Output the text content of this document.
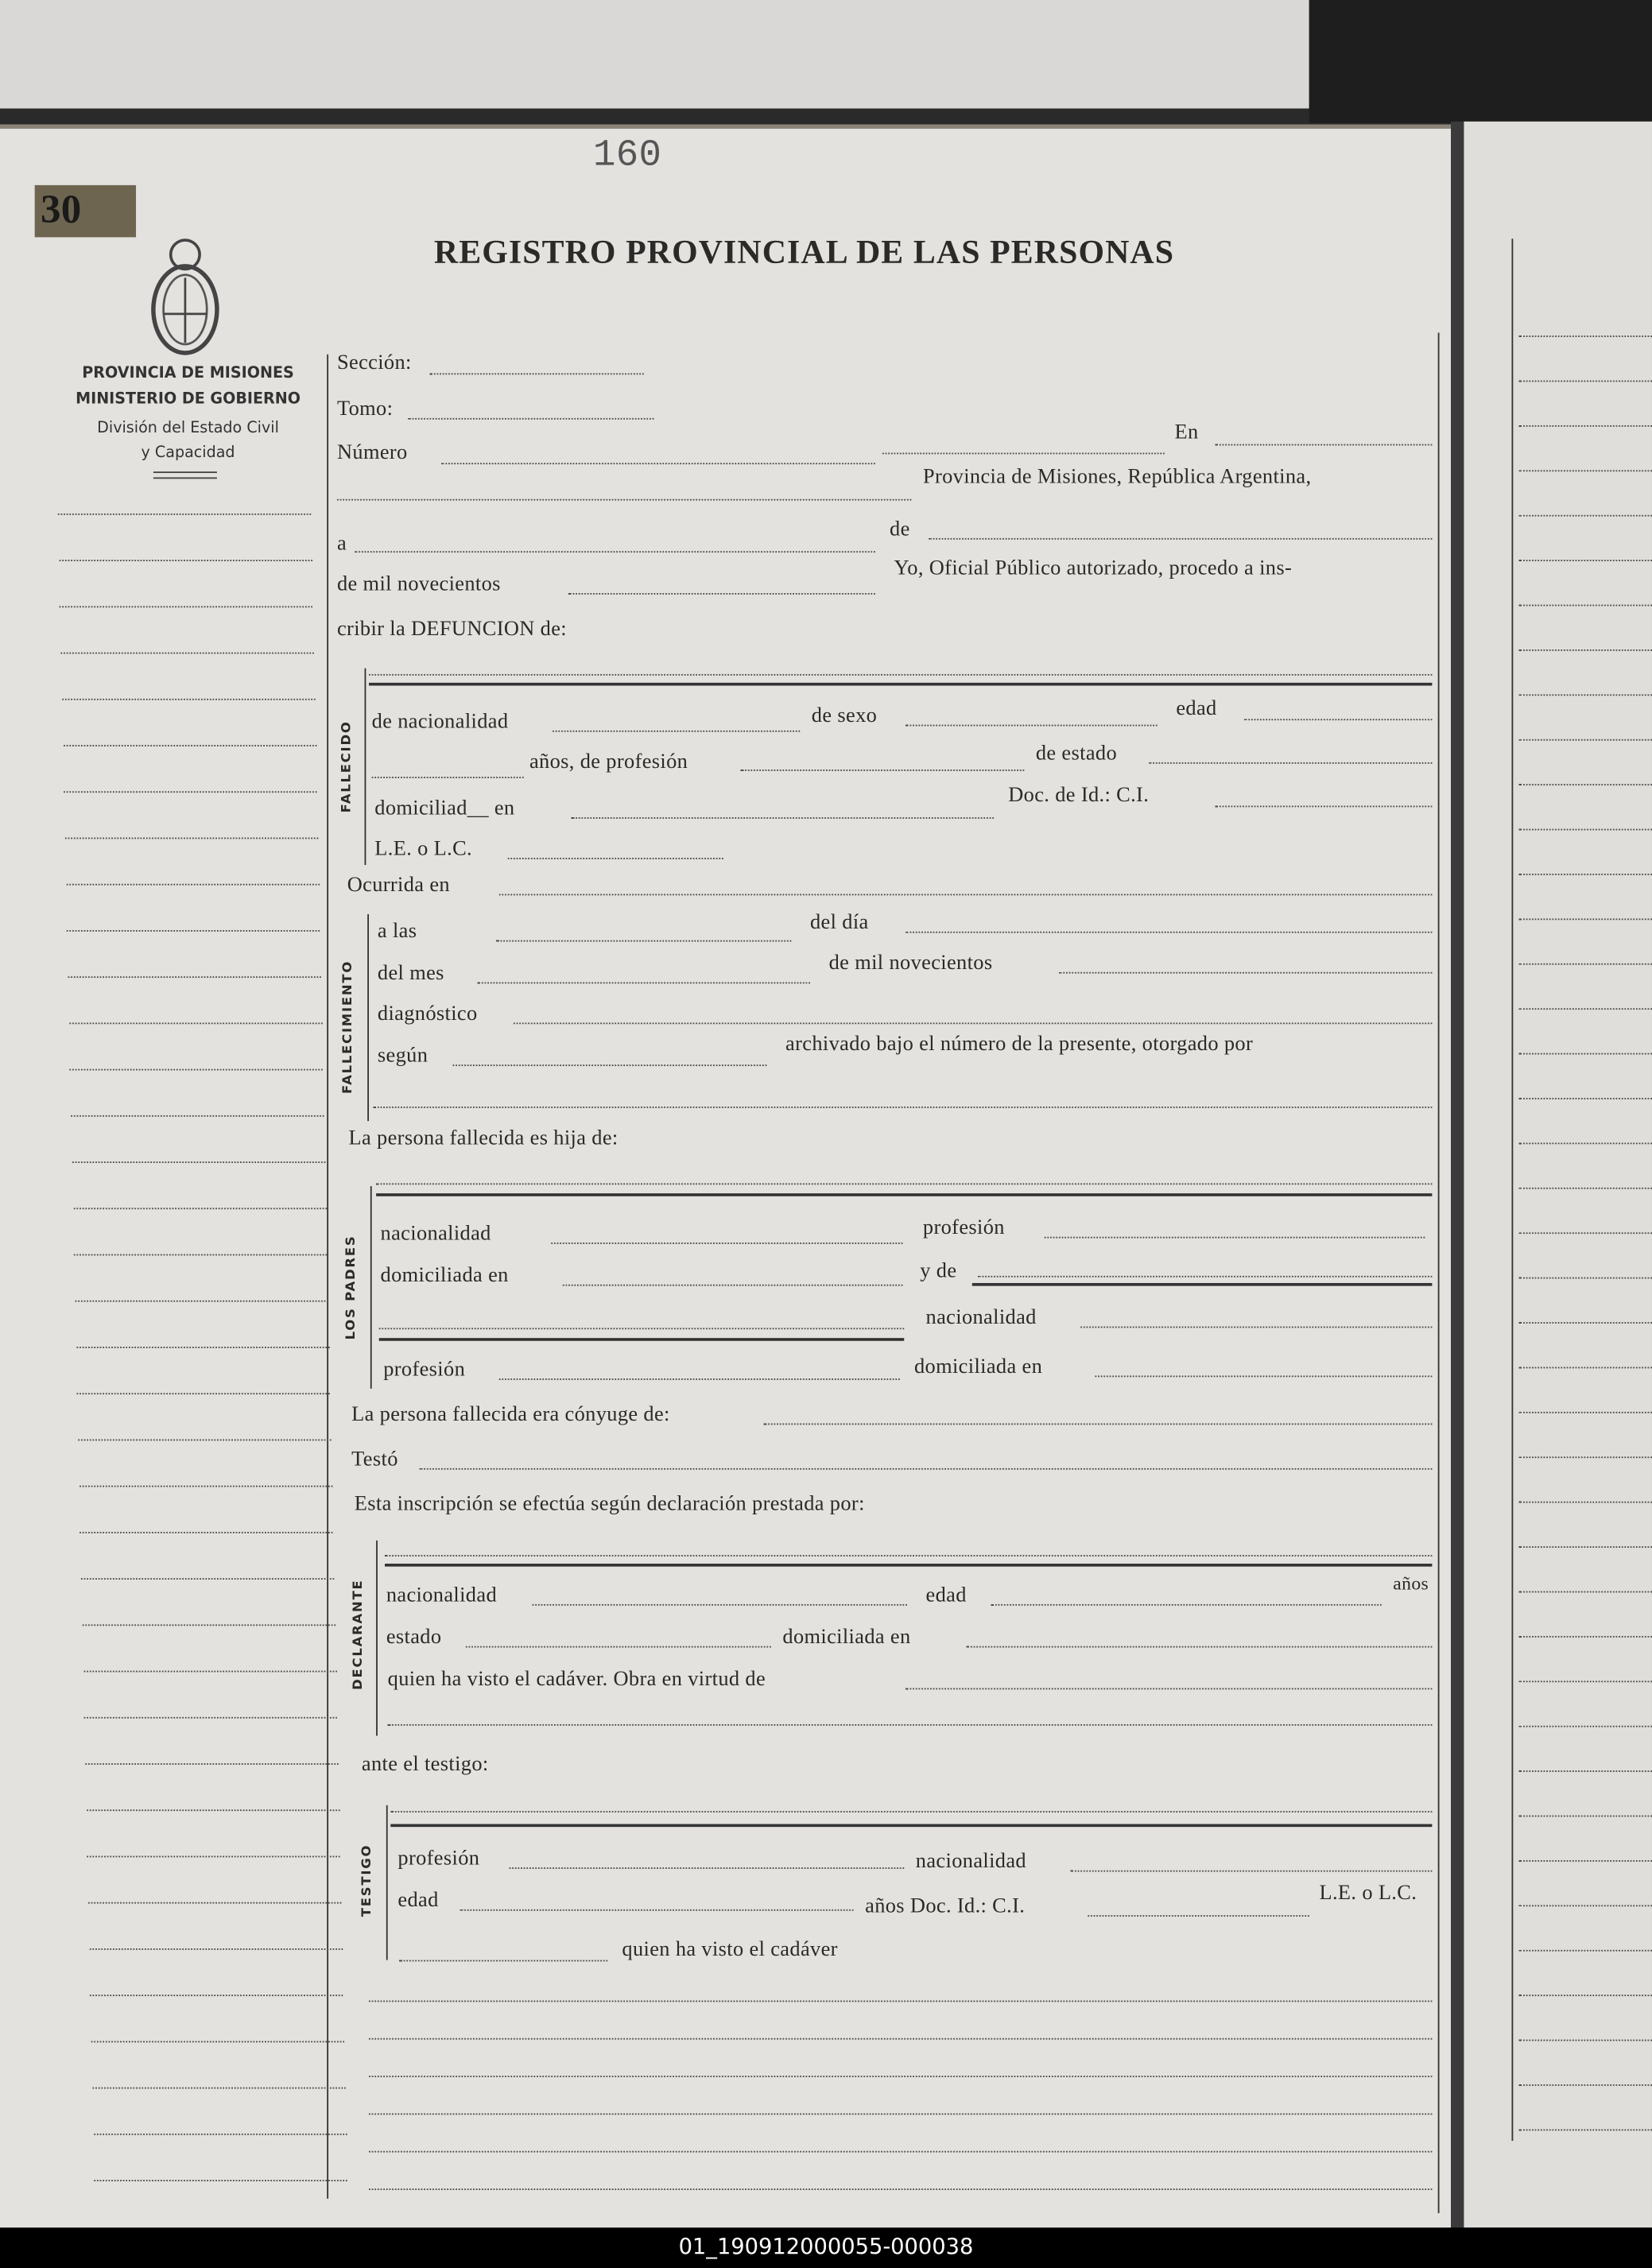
160
30
REGISTRO PROVINCIAL DE LAS PERSONAS
PROVINCIA DE MISIONES
MINISTERIO DE GOBIERNO
División del Estado Civil
y Capacidad
Sección:
Tomo:
Número
En
Provincia de Misiones, República Argentina,
a
de
de mil novecientos
Yo, Oficial Público autorizado, procedo a ins-
cribir la DEFUNCION de:
FALLECIDO de nacionalidad	de sexo	edad
años, de profesión	de estado
domiciliad__ en
Doc. de Id.: C.I.
L.E. o L.C.
Ocurrida en
FALLECIMIENTO
a las	del día
del mes	de mil novecientos
diagnóstico
según	archivado bajo el número de la presente, otorgado por
La persona fallecida es hija de:
LOS PADRES
nacionalidad	profesión
domiciliada en	y de
nacionalidad
profesión	domiciliada en
La persona fallecida era cónyuge de:
Testó
Esta inscripción se efectúa según declaración prestada por:
DECLARANTE nacionalidad	edad
años
estado	domiciliada en
quien ha visto el cadáver. Obra en virtud de
ante el testigo:
TESTIGO profesión	nacionalidad
edad	años Doc. Id.: C.I.
L.E. o L.C.
quien ha visto el cadáver
01_190912000055-000038
